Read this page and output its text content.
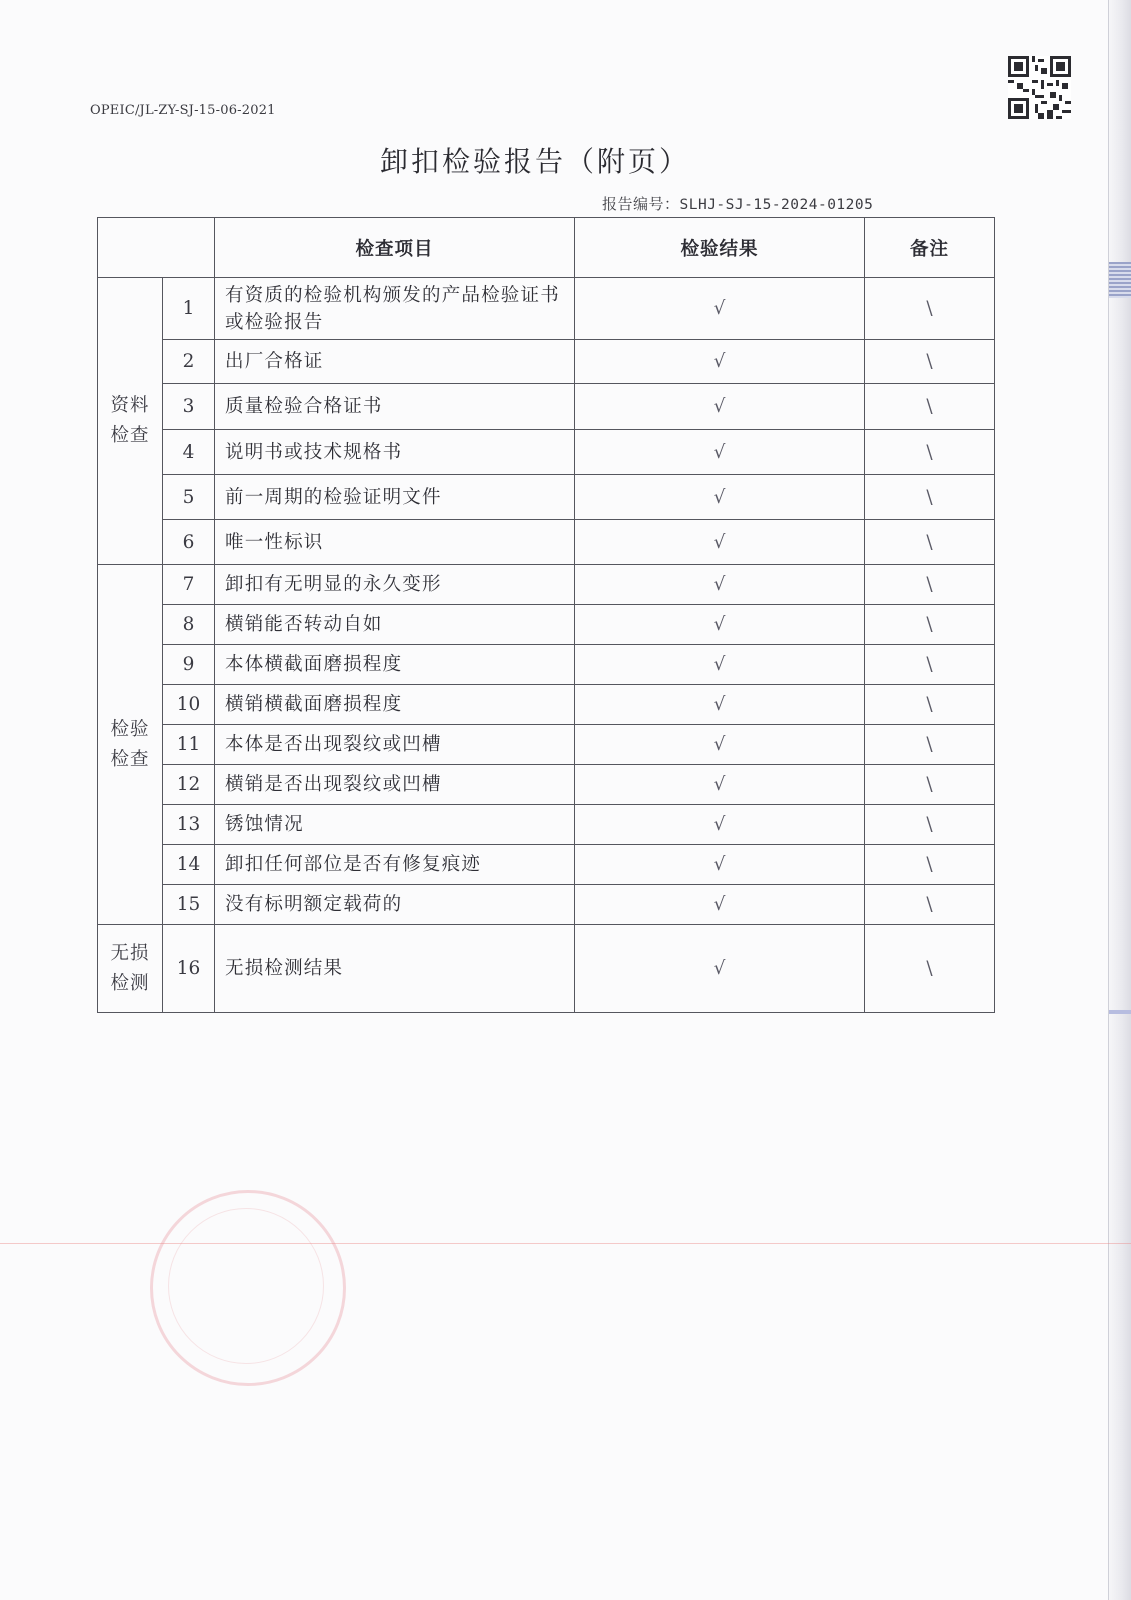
OPEIC/JL-ZY-SJ-15-06-2021
卸扣检验报告（附页）
报告编号：SLHJ-SJ-15-2024-01205
		检查项目	检验结果	备注
资料
检查	1	有资质的检验机构颁发的产品检验证书或检验报告	√	\
	2	出厂合格证	√	\
	3	质量检验合格证书	√	\
	4	说明书或技术规格书	√	\
	5	前一周期的检验证明文件	√	\
	6	唯一性标识	√	\
检验
检查	7	卸扣有无明显的永久变形	√	\
	8	横销能否转动自如	√	\
	9	本体横截面磨损程度	√	\
	10	横销横截面磨损程度	√	\
	11	本体是否出现裂纹或凹槽	√	\
	12	横销是否出现裂纹或凹槽	√	\
	13	锈蚀情况	√	\
	14	卸扣任何部位是否有修复痕迹	√	\
	15	没有标明额定载荷的	√	\
无损
检测	16	无损检测结果	√	\
